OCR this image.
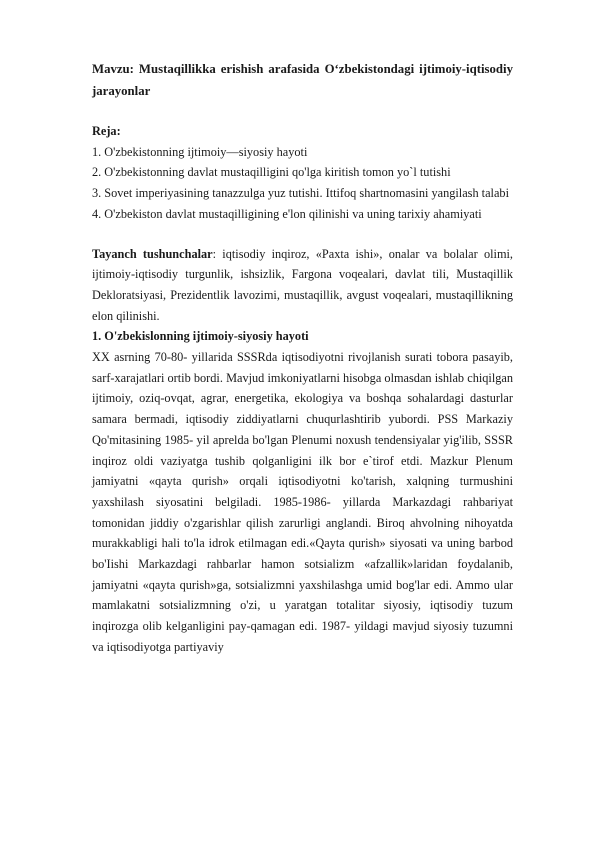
Mavzu: Mustaqillikka erishish arafasida O‘zbekistondagi ijtimoiy-iqtisodiy jarayonlar

Reja:

1. O'zbekistonning ijtimoiy—siyosiy hayoti

2. O'zbekistonning davlat mustaqilligini qo'lga kiritish tomon yo`l tutishi

3. Sovet imperiyasining tanazzulga yuz tutishi. Ittifoq shartnomasini yangilash talabi

4. O'zbekiston davlat mustaqilligining e'lon qilinishi va uning tarixiy ahamiyati

Tayanch tushunchalar: iqtisodiy inqiroz, «Paxta ishi», onalar va bolalar olimi, ijtimoiy-iqtisodiy turgunlik, ishsizlik, Fargona voqealari, davlat tili, Mustaqillik Dekloratsiyasi, Prezidentlik lavozimi, mustaqillik, avgust voqealari, mustaqillikning elon qilinishi.

1. O'zbekislonning ijtimoiy-siyosiy hayoti

XX asrning 70-80- yillarida SSSRda iqtisodiyotni rivojlanish surati tobora pasayib, sarf-xarajatlari ortib bordi. Mavjud imkoniyatlarni hisobga olmasdan ishlab chiqilgan ijtimoiy, oziq-ovqat, agrar, energetika, ekologiya va boshqa sohalardagi dasturlar samara bermadi, iqtisodiy ziddiyatlarni chuqurlashtirib yubordi. PSS Markaziy Qo'mitasining 1985- yil aprelda bo'lgan Plenumi noxush tendensiyalar yig'ilib, SSSR inqiroz oldi vaziyatga tushib qolganligini ilk bor e`tirof etdi. Mazkur Plenum jamiyatni «qayta qurish» orqali iqtisodiyotni ko'tarish, xalqning turmushini yaxshilash siyosatini belgiladi. 1985-1986- yillarda Markazdagi rahbariyat tomonidan jiddiy o'zgarishlar qilish zarurligi anglandi. Biroq ahvolning nihoyatda murakkabligi hali to'la idrok etilmagan edi.«Qayta qurish» siyosati va uning barbod bo'Iishi Markazdagi rahbarlar hamon sotsializm «afzallik»laridan foydalanib, jamiyatni «qayta qurish»ga, sotsializmni yaxshilashga umid bog'lar edi. Ammo ular mamlakatni sotsializmning o'zi, u yaratgan totalitar siyosiy, iqtisodiy tuzum inqirozga olib kelganligini pay-qamagan edi. 1987- yildagi mavjud siyosiy tuzumni va iqtisodiyotga partiyaviy
